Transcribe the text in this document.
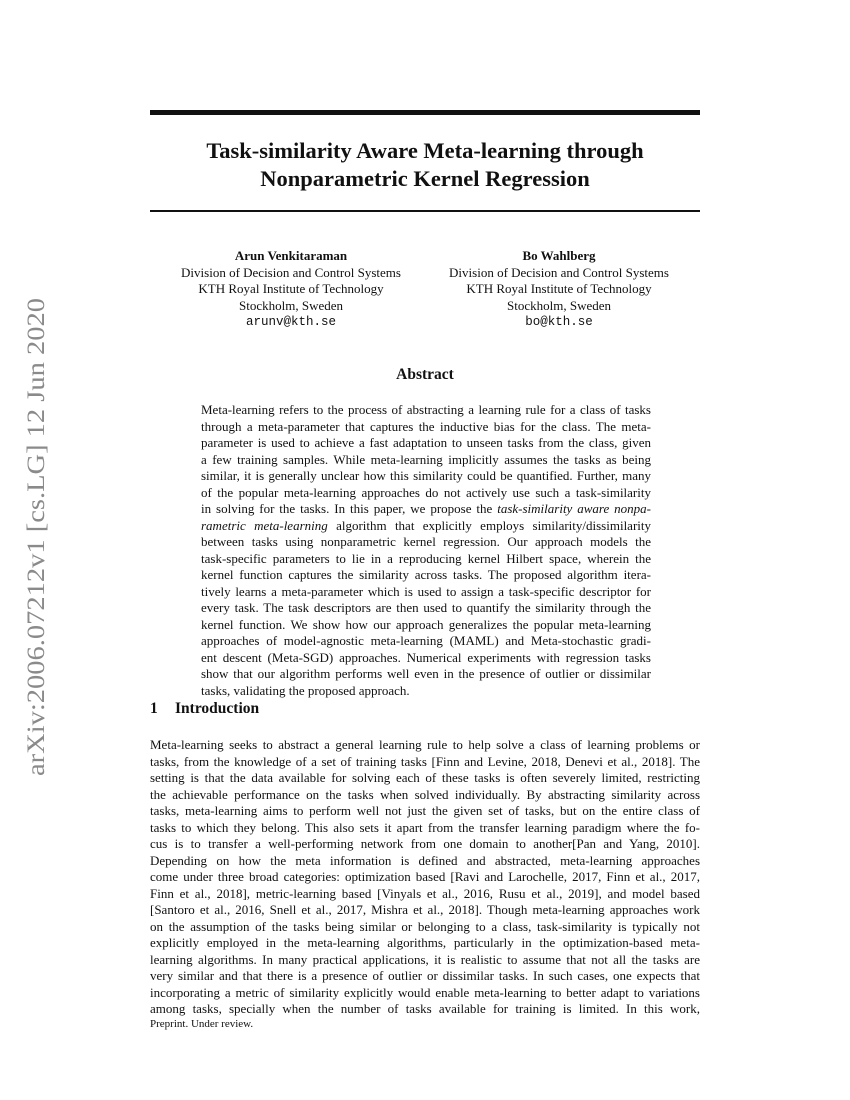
arXiv:2006.07212v1 [cs.LG] 12 Jun 2020
Task-similarity Aware Meta-learning through
Nonparametric Kernel Regression
Arun Venkitaraman
Division of Decision and Control Systems
KTH Royal Institute of Technology
Stockholm, Sweden
arunv@kth.se
Bo Wahlberg
Division of Decision and Control Systems
KTH Royal Institute of Technology
Stockholm, Sweden
bo@kth.se
Abstract
Meta-learning refers to the process of abstracting a learning rule for a class of tasks
through a meta-parameter that captures the inductive bias for the class. The meta-
parameter is used to achieve a fast adaptation to unseen tasks from the class, given
a few training samples. While meta-learning implicitly assumes the tasks as being
similar, it is generally unclear how this similarity could be quantified. Further, many
of the popular meta-learning approaches do not actively use such a task-similarity
in solving for the tasks. In this paper, we propose the task-similarity aware nonpa-
rametric meta-learning algorithm that explicitly employs similarity/dissimilarity
between tasks using nonparametric kernel regression. Our approach models the
task-specific parameters to lie in a reproducing kernel Hilbert space, wherein the
kernel function captures the similarity across tasks. The proposed algorithm itera-
tively learns a meta-parameter which is used to assign a task-specific descriptor for
every task. The task descriptors are then used to quantify the similarity through the
kernel function. We show how our approach generalizes the popular meta-learning
approaches of model-agnostic meta-learning (MAML) and Meta-stochastic gradi-
ent descent (Meta-SGD) approaches. Numerical experiments with regression tasks
show that our algorithm performs well even in the presence of outlier or dissimilar
tasks, validating the proposed approach.
1 Introduction
Meta-learning seeks to abstract a general learning rule to help solve a class of learning problems or
tasks, from the knowledge of a set of training tasks [Finn and Levine, 2018, Denevi et al., 2018]. The
setting is that the data available for solving each of these tasks is often severely limited, restricting
the achievable performance on the tasks when solved individually. By abstracting similarity across
tasks, meta-learning aims to perform well not just the given set of tasks, but on the entire class of
tasks to which they belong. This also sets it apart from the transfer learning paradigm where the fo-
cus is to transfer a well-performing network from one domain to another[Pan and Yang, 2010].
Depending on how the meta information is defined and abstracted, meta-learning approaches
come under three broad categories: optimization based [Ravi and Larochelle, 2017, Finn et al., 2017,
Finn et al., 2018], metric-learning based [Vinyals et al., 2016, Rusu et al., 2019], and model based
[Santoro et al., 2016, Snell et al., 2017, Mishra et al., 2018]. Though meta-learning approaches work
on the assumption of the tasks being similar or belonging to a class, task-similarity is typically not
explicitly employed in the meta-learning algorithms, particularly in the optimization-based meta-
learning algorithms. In many practical applications, it is realistic to assume that not all the tasks are
very similar and that there is a presence of outlier or dissimilar tasks. In such cases, one expects that
incorporating a metric of similarity explicitly would enable meta-learning to better adapt to variations
among tasks, specially when the number of tasks available for training is limited. In this work,
Preprint. Under review.
